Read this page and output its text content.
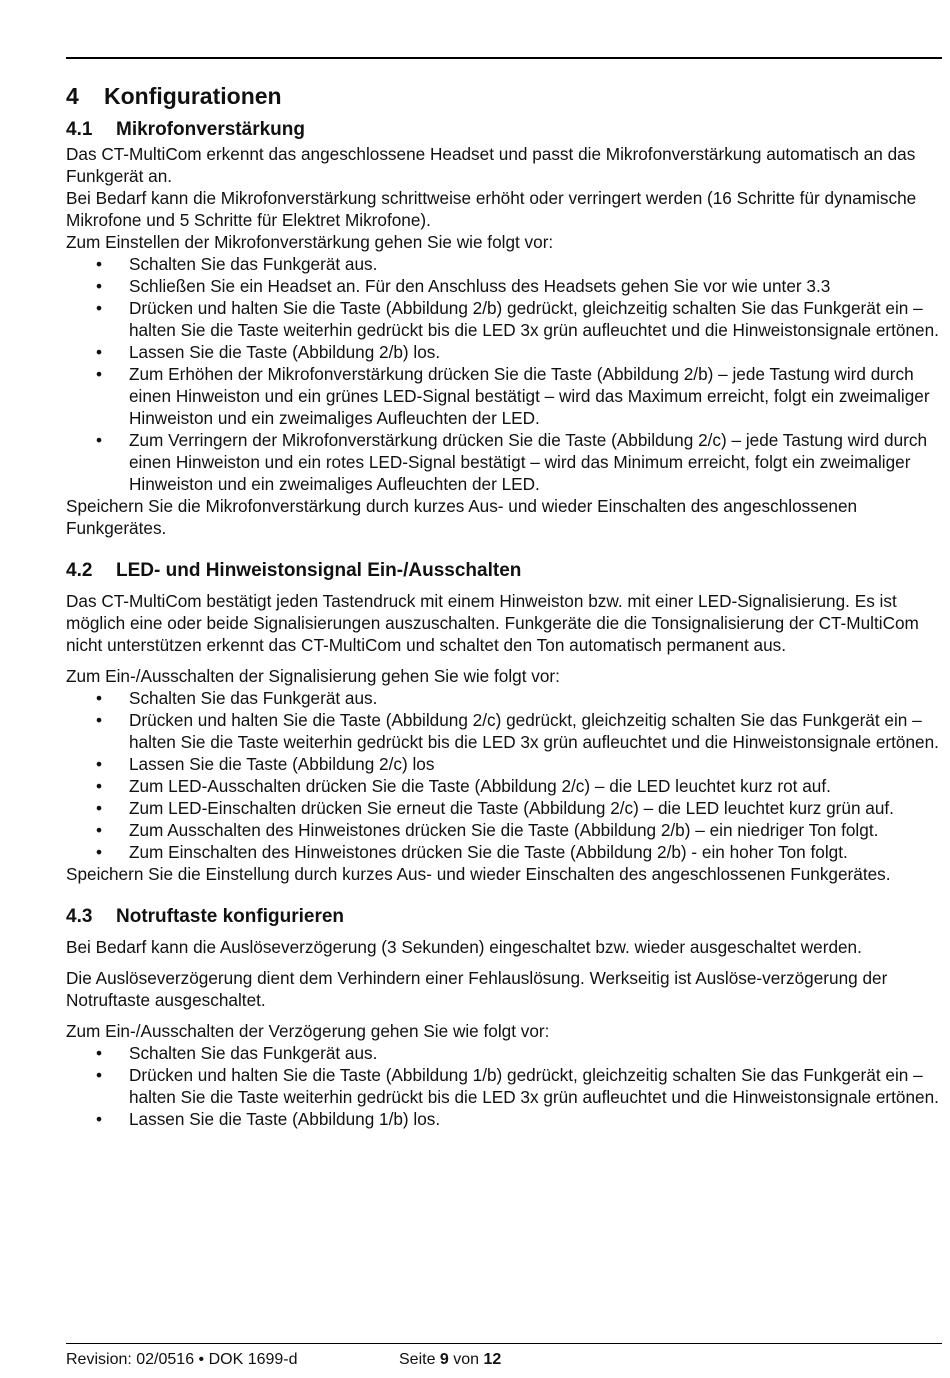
4	Konfigurationen
4.1	Mikrofonverstärkung

Das CT-MultiCom erkennt das angeschlossene Headset und passt die Mikrofonverstärkung automatisch an das Funkgerät an.

Bei Bedarf kann die Mikrofonverstärkung schrittweise erhöht oder verringert werden (16 Schritte für dynamische Mikrofone und 5 Schritte für Elektret Mikrofone).

Zum Einstellen der Mikrofonverstärkung gehen Sie wie folgt vor:

• Schalten Sie das Funkgerät aus.
• Schließen Sie ein Headset an. Für den Anschluss des Headsets gehen Sie vor wie unter 3.3
• Drücken und halten Sie die Taste (Abbildung 2/b) gedrückt, gleichzeitig schalten Sie das Funkgerät ein – halten Sie die Taste weiterhin gedrückt bis die LED 3x grün aufleuchtet und die Hinweistonsignale ertönen.
• Lassen Sie die Taste (Abbildung 2/b) los.
• Zum Erhöhen der Mikrofonverstärkung drücken Sie die Taste (Abbildung 2/b) – jede Tastung wird durch einen Hinweiston und ein grünes LED-Signal bestätigt – wird das Maximum erreicht, folgt ein zweimaliger Hinweiston und ein zweimaliges Aufleuchten der LED.
• Zum Verringern der Mikrofonverstärkung drücken Sie die Taste (Abbildung 2/c) – jede Tastung wird durch einen Hinweiston und ein rotes LED-Signal bestätigt – wird das Minimum erreicht, folgt ein zweimaliger Hinweiston und ein zweimaliges Aufleuchten der LED.

Speichern Sie die Mikrofonverstärkung durch kurzes Aus- und wieder Einschalten des angeschlossenen Funkgerätes.

4.2	LED- und Hinweistonsignal Ein-/Ausschalten

Das CT-MultiCom bestätigt jeden Tastendruck mit einem Hinweiston bzw. mit einer LED-Signalisierung. Es ist möglich eine oder beide Signalisierungen auszuschalten. Funkgeräte die die Tonsignalisierung der CT-MultiCom nicht unterstützen erkennt das CT-MultiCom und schaltet den Ton automatisch permanent aus.

Zum Ein-/Ausschalten der Signalisierung gehen Sie wie folgt vor:

• Schalten Sie das Funkgerät aus.
• Drücken und halten Sie die Taste (Abbildung 2/c) gedrückt, gleichzeitig schalten Sie das Funkgerät ein – halten Sie die Taste weiterhin gedrückt bis die LED 3x grün aufleuchtet und die Hinweistonsignale ertönen.
• Lassen Sie die Taste (Abbildung 2/c) los
• Zum LED-Ausschalten drücken Sie die Taste (Abbildung 2/c) – die LED leuchtet kurz rot auf.
• Zum LED-Einschalten drücken Sie erneut die Taste (Abbildung 2/c) – die LED leuchtet kurz grün auf.
• Zum Ausschalten des Hinweistones drücken Sie die Taste (Abbildung 2/b) – ein niedriger Ton folgt.
• Zum Einschalten des Hinweistones drücken Sie die Taste (Abbildung 2/b) - ein hoher Ton folgt.

Speichern Sie die Einstellung durch kurzes Aus- und wieder Einschalten des angeschlossenen Funkgerätes.

4.3	Notruftaste konfigurieren

Bei Bedarf kann die Auslöseverzögerung (3 Sekunden) eingeschaltet bzw. wieder ausgeschaltet werden.

Die Auslöseverzögerung dient dem Verhindern einer Fehlauslösung. Werkseitig ist Auslöse-verzögerung der Notruftaste ausgeschaltet.

Zum Ein-/Ausschalten der Verzögerung gehen Sie wie folgt vor:

• Schalten Sie das Funkgerät aus.
• Drücken und halten Sie die Taste (Abbildung 1/b) gedrückt, gleichzeitig schalten Sie das Funkgerät ein – halten Sie die Taste weiterhin gedrückt bis die LED 3x grün aufleuchtet und die Hinweistonsignale ertönen.
• Lassen Sie die Taste (Abbildung 1/b) los.
Revision: 02/0516 • DOK 1699-d	Seite 9 von 12
